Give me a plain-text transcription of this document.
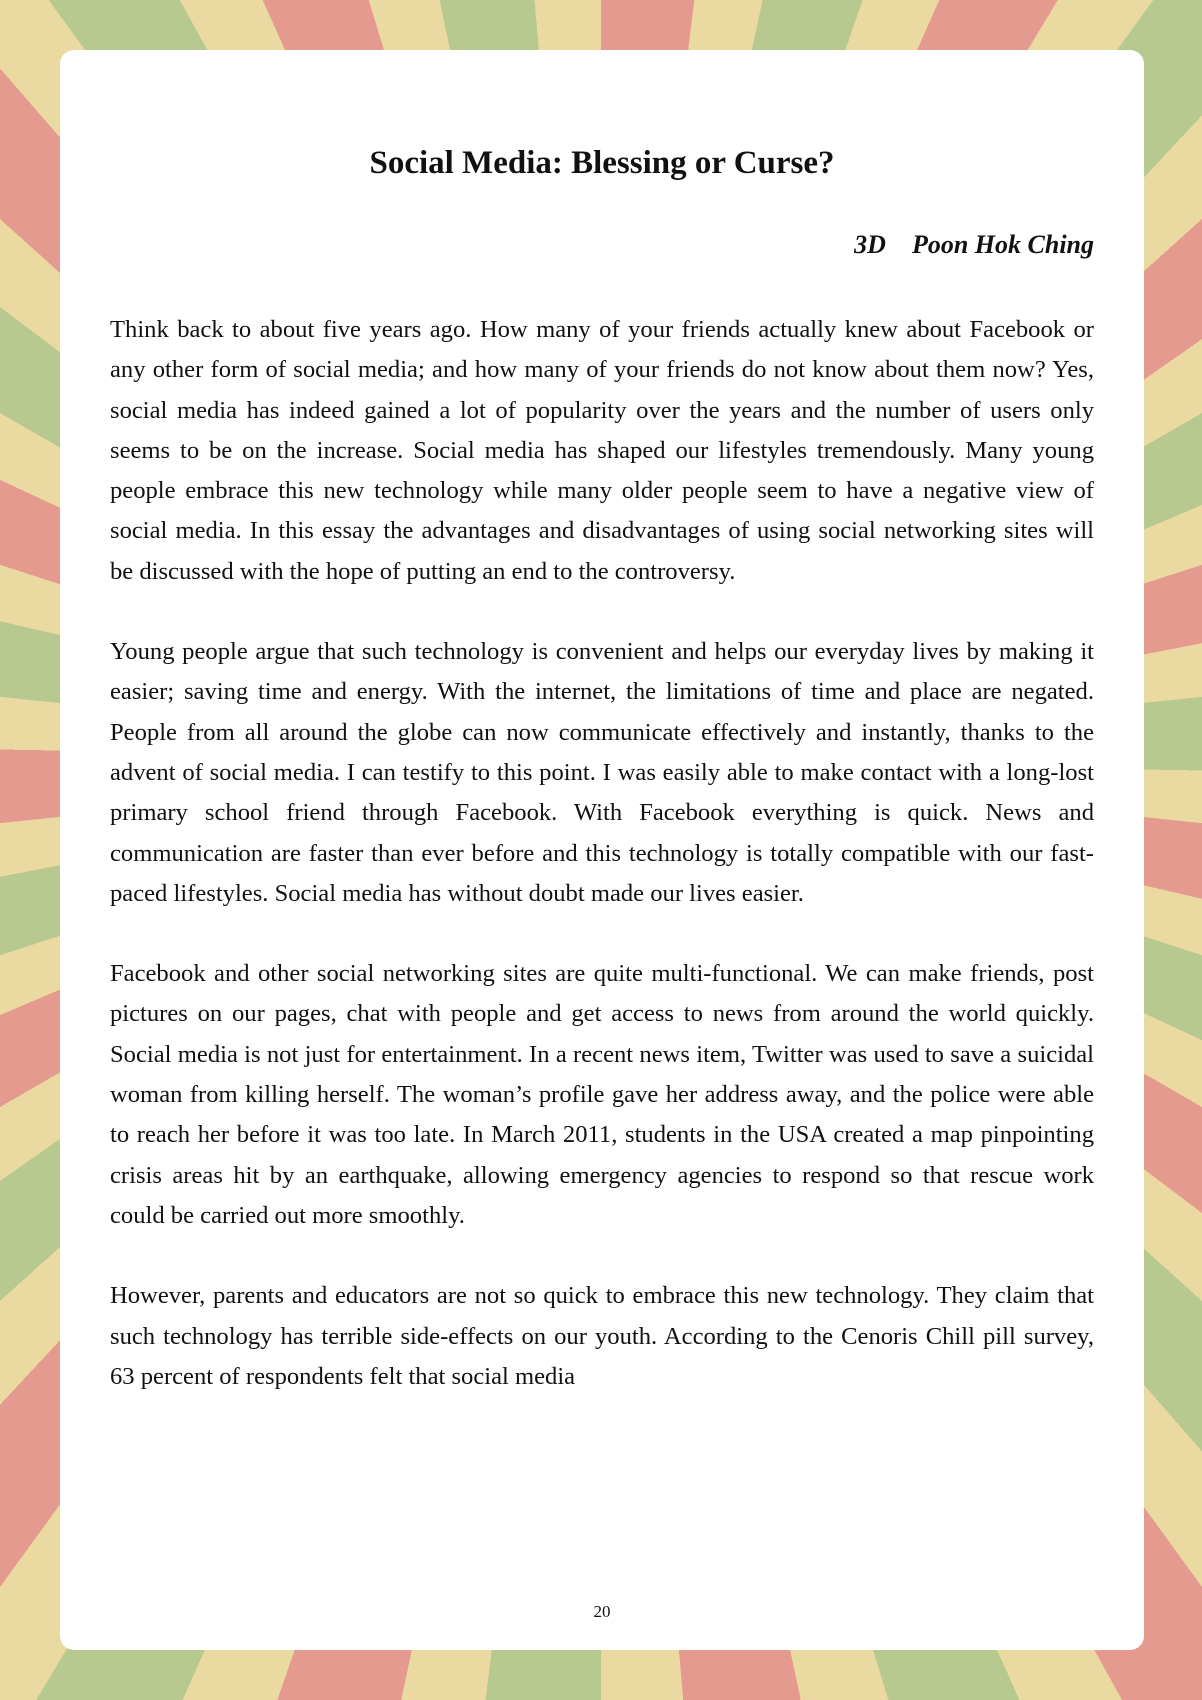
Social Media: Blessing or Curse?

3D    Poon Hok Ching

Think back to about five years ago. How many of your friends actually knew about Facebook or any other form of social media; and how many of your friends do not know about them now? Yes, social media has indeed gained a lot of popularity over the years and the number of users only seems to be on the increase. Social media has shaped our lifestyles tremendously. Many young people embrace this new technology while many older people seem to have a negative view of social media. In this essay the advantages and disadvantages of using social networking sites will be discussed with the hope of putting an end to the controversy.

Young people argue that such technology is convenient and helps our everyday lives by making it easier; saving time and energy. With the internet, the limitations of time and place are negated. People from all around the globe can now communicate effectively and instantly, thanks to the advent of social media. I can testify to this point. I was easily able to make contact with a long-lost primary school friend through Facebook. With Facebook everything is quick. News and communication are faster than ever before and this technology is totally compatible with our fast-paced lifestyles. Social media has without doubt made our lives easier.

Facebook and other social networking sites are quite multi-functional. We can make friends, post pictures on our pages, chat with people and get access to news from around the world quickly. Social media is not just for entertainment. In a recent news item, Twitter was used to save a suicidal woman from killing herself. The woman’s profile gave her address away, and the police were able to reach her before it was too late. In March 2011, students in the USA created a map pinpointing crisis areas hit by an earthquake, allowing emergency agencies to respond so that rescue work could be carried out more smoothly.

However, parents and educators are not so quick to embrace this new technology. They claim that such technology has terrible side-effects on our youth. According to the Cenoris Chill pill survey, 63 percent of respondents felt that social media

20
